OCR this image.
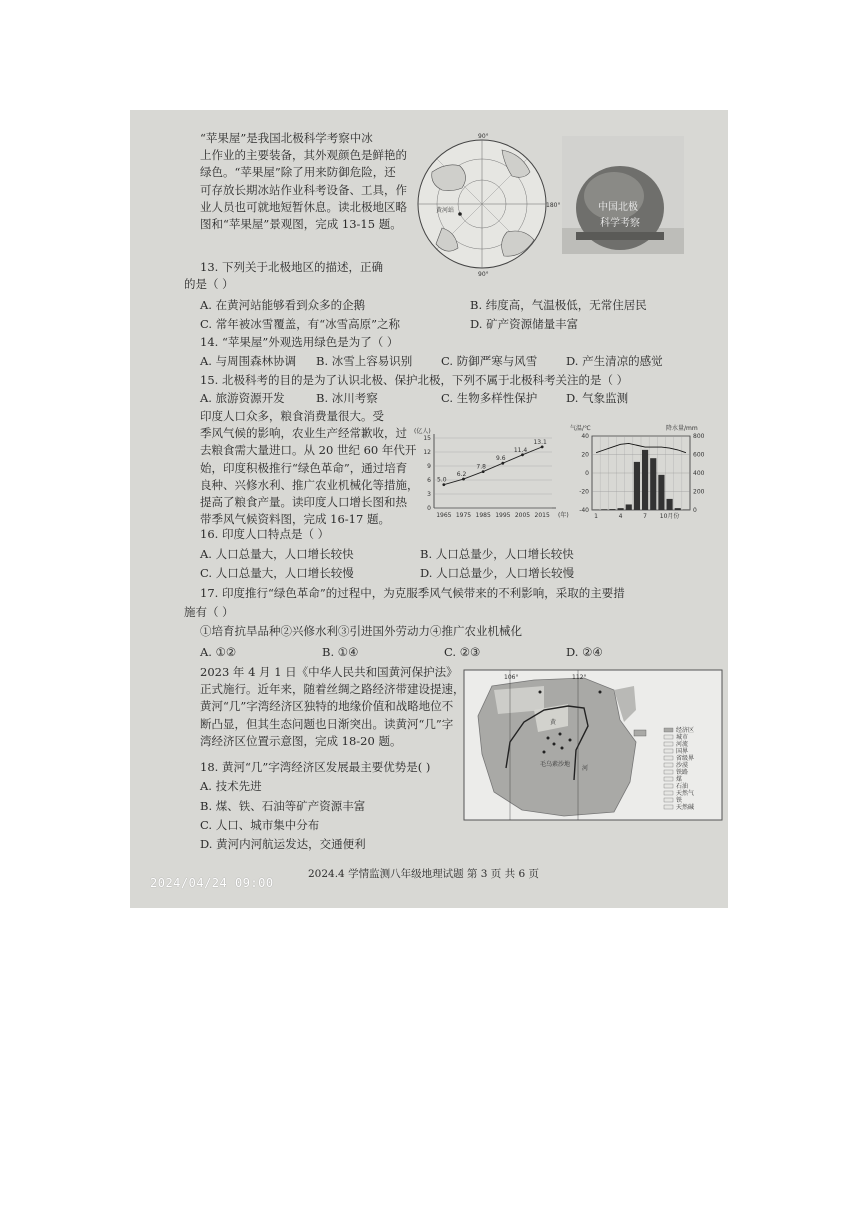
“苹果屋”是我国北极科学考察中冰
上作业的主要装备，其外观颜色是鲜艳的
绿色。“苹果屋”除了用来防御危险，还
可存放长期冰站作业科考设备、工具，作
业人员也可就地短暂休息。读北极地区略
图和“苹果屋”景观图，完成 13-15 题。
黄河站
90°
180°
90°
中国北极
科学考察
13. 下列关于北极地区的描述，正确
的是（ ）
A. 在黄河站能够看到众多的企鹅	B. 纬度高，气温极低，无常住居民
C. 常年被冰雪覆盖，有“冰雪高原”之称	D. 矿产资源储量丰富
14. “苹果屋”外观选用绿色是为了（ ）
A. 与周围森林协调 B. 冰雪上容易识别 C. 防御严寒与风雪	D. 产生清凉的感觉
15. 北极科考的目的是为了认识北极、保护北极，下列不属于北极科考关注的是（ ）
A. 旅游资源开发	B. 冰川考察	C. 生物多样性保护	D. 气象监测
印度人口众多，粮食消费量很大。受
季风气候的影响，农业生产经常歉收，过
去粮食需大量进口。从 20 世纪 60 年代开
始，印度积极推行“绿色革命”，通过培育
良种、兴修水利、推广农业机械化等措施，
提高了粮食产量。读印度人口增长图和热
带季风气候资料图，完成 16-17 题。
(亿人)
0
3
6
9
12
15
1965 1975 1985 1995 2005 2015 (年)
5.0
6.2
7.8
9.6
11.4
13.1
气温/℃	降水量/mm
-40
-20
0
20
40
0
200
400
600
800
1	4	7 10月份
16. 印度人口特点是（ ）
A. 人口总量大，人口增长较快	B. 人口总量少，人口增长较快
C. 人口总量大，人口增长较慢	D. 人口总量少，人口增长较慢
17. 印度推行“绿色革命”的过程中，为克服季风气候带来的不利影响，采取的主要措
施有（ ）
①培育抗旱品种②兴修水利③引进国外劳动力④推广农业机械化
A. ①②	B. ①④	C. ②③	D. ②④
2023 年 4 月 1 日《中华人民共和国黄河保护法》
正式施行。近年来，随着丝绸之路经济带建设提速，
黄河“几”字湾经济区独特的地缘价值和战略地位不
断凸显，但其生态问题也日渐突出。读黄河“几”字
湾经济区位置示意图，完成 18-20 题。
106°	112°
黄
毛乌素沙地
河
经济区
城市
河流
国界
省级界
沙漠
铁路
煤
石油
天然气
铁
天然碱
18. 黄河“几”字湾经济区发展最主要优势是( )
A. 技术先进
B. 煤、铁、石油等矿产资源丰富
C. 人口、城市集中分布
D. 黄河内河航运发达，交通便利
2024.4 学情监测八年级地理试题 第 3 页 共 6 页
2024/04/24 09:00
